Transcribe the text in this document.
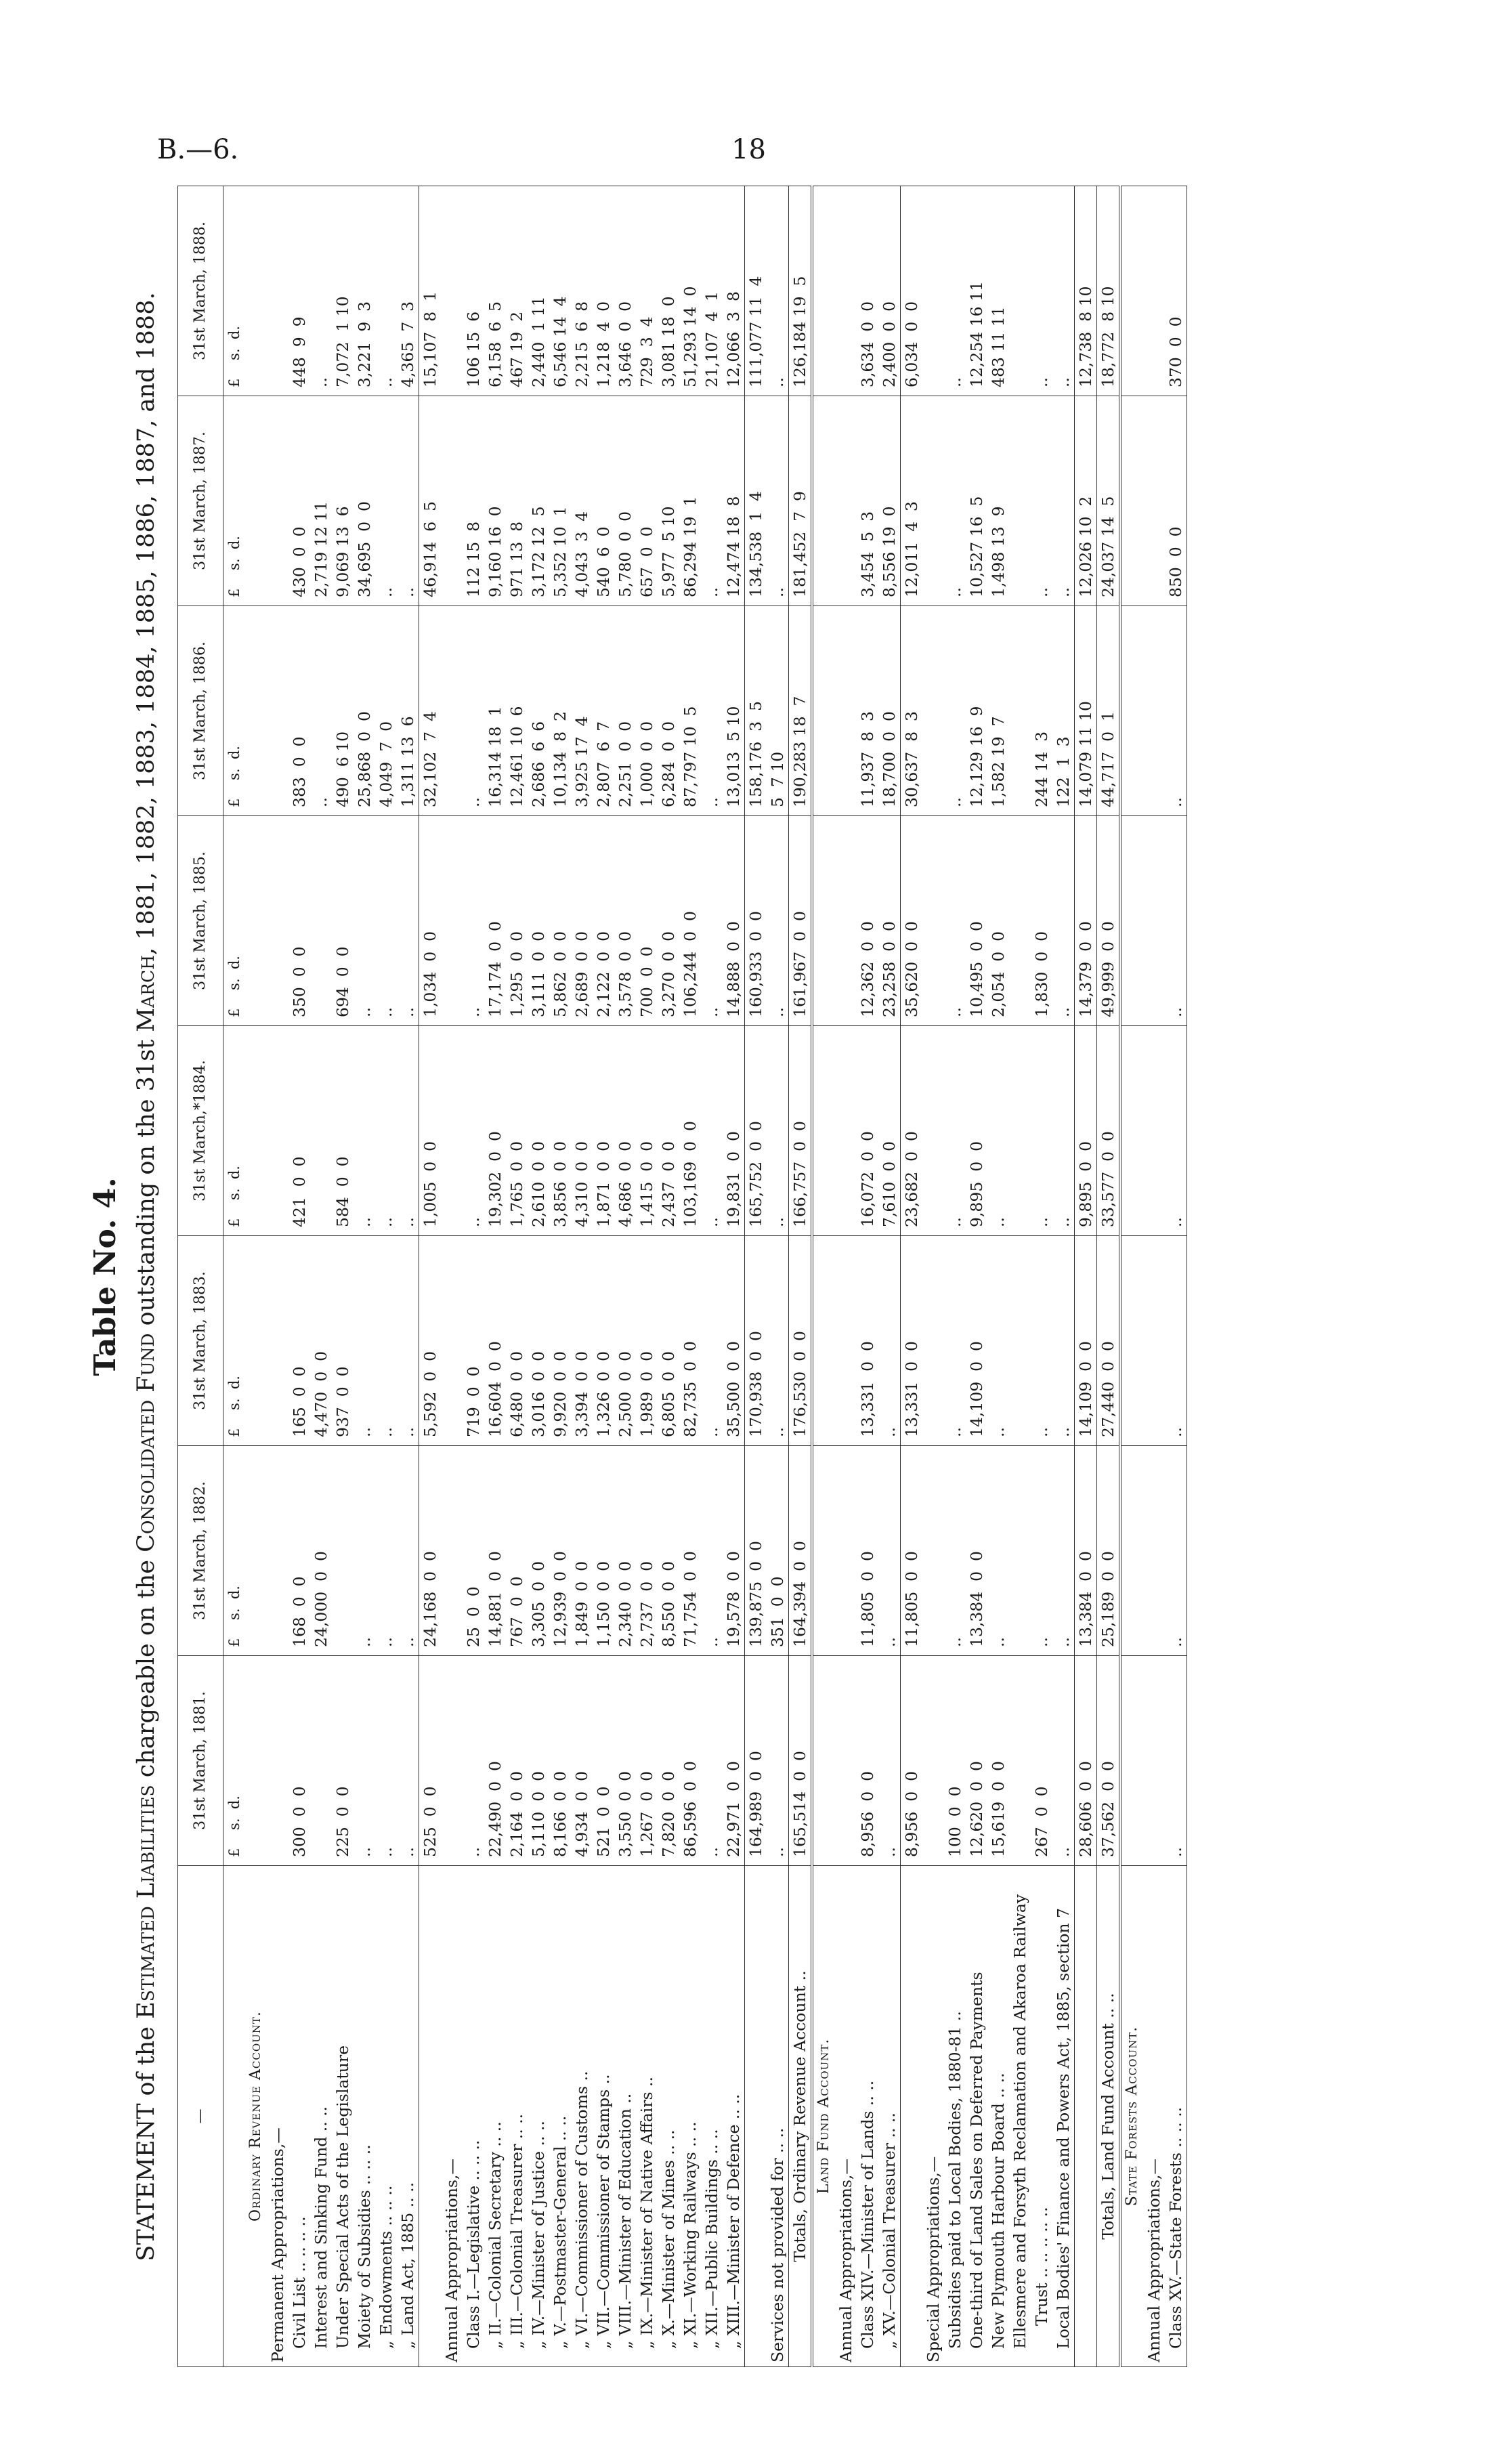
B.—6.	18
Table No. 4.
STATEMENT of the Estimated Liabilities chargeable on the Consolidated Fund outstanding on the 31st March, 1881, 1882, 1883, 1884, 1885, 1886, 1887, and 1888.
—	31st March, 1881.	31st March, 1882.	31st March, 1883.	31st March,*1884.	31st March, 1885.	31st March, 1886.	31st March, 1887.	31st March, 1888.
	£    s.  d.	£    s.  d.	£    s.  d.	£    s.  d.	£    s.  d.	£    s.  d.	£    s.  d.	£    s.  d.
Ordinary Revenue Account.								
Permanent Appropriations,—								
Civil List .. .. .. ..	300  0  0	168  0  0	165  0  0	421  0  0	350  0  0	383  0  0	430  0  0	448  9  9
Interest and Sinking Fund .. ..		24,000  0  0	4,470  0  0			..	2,719 12 11	..
Under Special Acts of the Legislature	225  0  0		937  0  0	584  0  0	694  0  0	490  6 10	9,069 13  6	7,072  1 10
Moiety of Subsidies .. .. ..	..	..	..	..	..	25,868  0  0	34,695  0  0	3,221  9  3
„ Endowments .. .. ..	..	..	..	..	..	4,049  7  0	..	..
„ Land Act, 1885 .. ..	..	..	..	..	..	1,311 13  6	..	4,365  7  3
	525  0  0	24,168  0  0	5,592  0  0	1,005  0  0	1,034  0  0	32,102  7  4	46,914  6  5	15,107  8  1
Annual Appropriations,—								
Class I.—Legislative .. .. ..	..	25  0  0	719  0  0	..	..	..	112 15  8	106 15  6
„ II.—Colonial Secretary .. ..	22,490  0  0	14,881  0  0	16,604  0  0	19,302  0  0	17,174  0  0	16,314 18  1	9,160 16  0	6,158  6  5
„ III.—Colonial Treasurer .. ..	2,164  0  0	767  0  0	6,480  0  0	1,765  0  0	1,295  0  0	12,461 10  6	971 13  8	467 19  2
„ IV.—Minister of Justice .. ..	5,110  0  0	3,305  0  0	3,016  0  0	2,610  0  0	3,111  0  0	2,686  6  6	3,172 12  5	2,440  1 11
„ V.—Postmaster-General .. ..	8,166  0  0	12,939  0  0	9,920  0  0	3,856  0  0	5,862  0  0	10,134  8  2	5,352 10  1	6,546 14  4
„ VI.—Commissioner of Customs ..	4,934  0  0	1,849  0  0	3,394  0  0	4,310  0  0	2,689  0  0	3,925 17  4	4,043  3  4	2,215  6  8
„ VII.—Commissioner of Stamps ..	521  0  0	1,150  0  0	1,326  0  0	1,871  0  0	2,122  0  0	2,807  6  7	540  6  0	1,218  4  0
„ VIII.—Minister of Education ..	3,550  0  0	2,340  0  0	2,500  0  0	4,686  0  0	3,578  0  0	2,251  0  0	5,780  0  0	3,646  0  0
„ IX.—Minister of Native Affairs ..	1,267  0  0	2,737  0  0	1,989  0  0	1,415  0  0	700  0  0	1,000  0  0	657  0  0	729  3  4
„ X.—Minister of Mines .. ..	7,820  0  0	8,550  0  0	6,805  0  0	2,437  0  0	3,270  0  0	6,284  0  0	5,977  5 10	3,081 18  0
„ XI.—Working Railways .. ..	86,596  0  0	71,754  0  0	82,735  0  0	103,169  0  0	106,244  0  0	87,797 10  5	86,294 19  1	51,293 14  0
„ XII.—Public Buildings .. ..	..	..	..	..	..	..	..	21,107  4  1
„ XIII.—Minister of Defence .. ..	22,971  0  0	19,578  0  0	35,500  0  0	19,831  0  0	14,888  0  0	13,013  5 10	12,474 18  8	12,066  3  8
	164,989  0  0	139,875  0  0	170,938  0  0	165,752  0  0	160,933  0  0	158,176  3  5	134,538  1  4	111,077 11  4
Services not provided for .. ..	..	351  0  0	..	..	..	5  7 10	..	..
Totals, Ordinary Revenue Account ..	165,514  0  0	164,394  0  0	176,530  0  0	166,757  0  0	161,967  0  0	190,283 18  7	181,452  7  9	126,184 19  5
Land Fund Account.								
Annual Appropriations,—								
Class XIV.—Minister of Lands .. ..	8,956  0  0	11,805  0  0	13,331  0  0	16,072  0  0	12,362  0  0	11,937  8  3	3,454  5  3	3,634  0  0
„ XV.—Colonial Treasurer .. ..	..	..	..	7,610  0  0	23,258  0  0	18,700  0  0	8,556 19  0	2,400  0  0
	8,956  0  0	11,805  0  0	13,331  0  0	23,682  0  0	35,620  0  0	30,637  8  3	12,011  4  3	6,034  0  0
Special Appropriations,—								
Subsidies paid to Local Bodies, 1880-81 ..	100  0  0	..	..	..	..	..	..	..
One-third of Land Sales on Deferred Payments	12,620  0  0	13,384  0  0	14,109  0  0	9,895  0  0	10,495  0  0	12,129 16  9	10,527 16  5	12,254 16 11
New Plymouth Harbour Board .. ..	15,619  0  0	..	..	..	2,054  0  0	1,582 19  7	1,498 13  9	483 11 11
Ellesmere and Forsyth Reclamation and Akaroa Railway								
Trust .. .. .. .. ..	267  0  0	..	..	..	1,830  0  0	244 14  3	..	..
Local Bodies' Finance and Powers Act, 1885, section 7	..	..	..	..	..	122  1  3	..	..
	28,606  0  0	13,384  0  0	14,109  0  0	9,895  0  0	14,379  0  0	14,079 11 10	12,026 10  2	12,738  8 10
Totals, Land Fund Account .. ..	37,562  0  0	25,189  0  0	27,440  0  0	33,577  0  0	49,999  0  0	44,717  0  1	24,037 14  5	18,772  8 10
State Forests Account.								
Annual Appropriations,—								
Class XV.—State Forests .. .. ..	..	..	..	..	..	..	850  0  0	370  0  0
